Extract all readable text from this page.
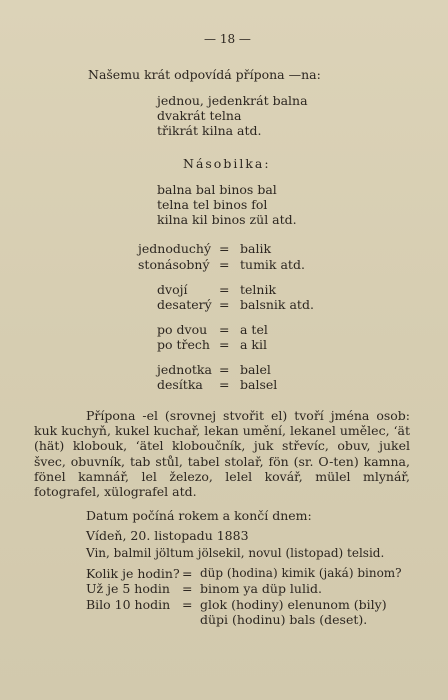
— 18 —
Našemu krát odpovídá přípona —na:
jednou, jedenkrát balna
dvakrát telna
třikrát kilna atd.
Násobilka:
balna bal binos bal
telna tel binos fol
kilna kil binos zül atd.
jednoduchý = balik
stonásobný = tumik atd.
dvojí	= telnik
desaterý = balsnik atd.
po dvou = a tel
po třech = a kil
jednotka = balel
desítka = balsel
Přípona -el (srovnej stvořit el) tvoří jména osob: kuk kuchyň, kukel kuchař, lekan umění, lekanel umělec, ‘ät (hät) klobouk, ‘ätel kloboučník, juk střevíc, obuv, jukel švec, obuvník, tab stůl, tabel stolař, fön (sr. O-ten) kamna, fönel kamnář, lel železo, lelel kovář, mülel mlynář, fotografel, xülografel atd.
Datum počíná rokem a končí dnem:
Vídeň, 20. listopadu 1883
Vin, balmil jöltum jölsekil, novul (listopad) telsid.
Kolik je hodin? = düp (hodina) kimik (jaká) binom?
Už je 5 hodin = binom ya düp lulid.
Bilo 10 hodin = glok (hodiny) elenunom (bily)
düpi (hodinu) bals (deset).
